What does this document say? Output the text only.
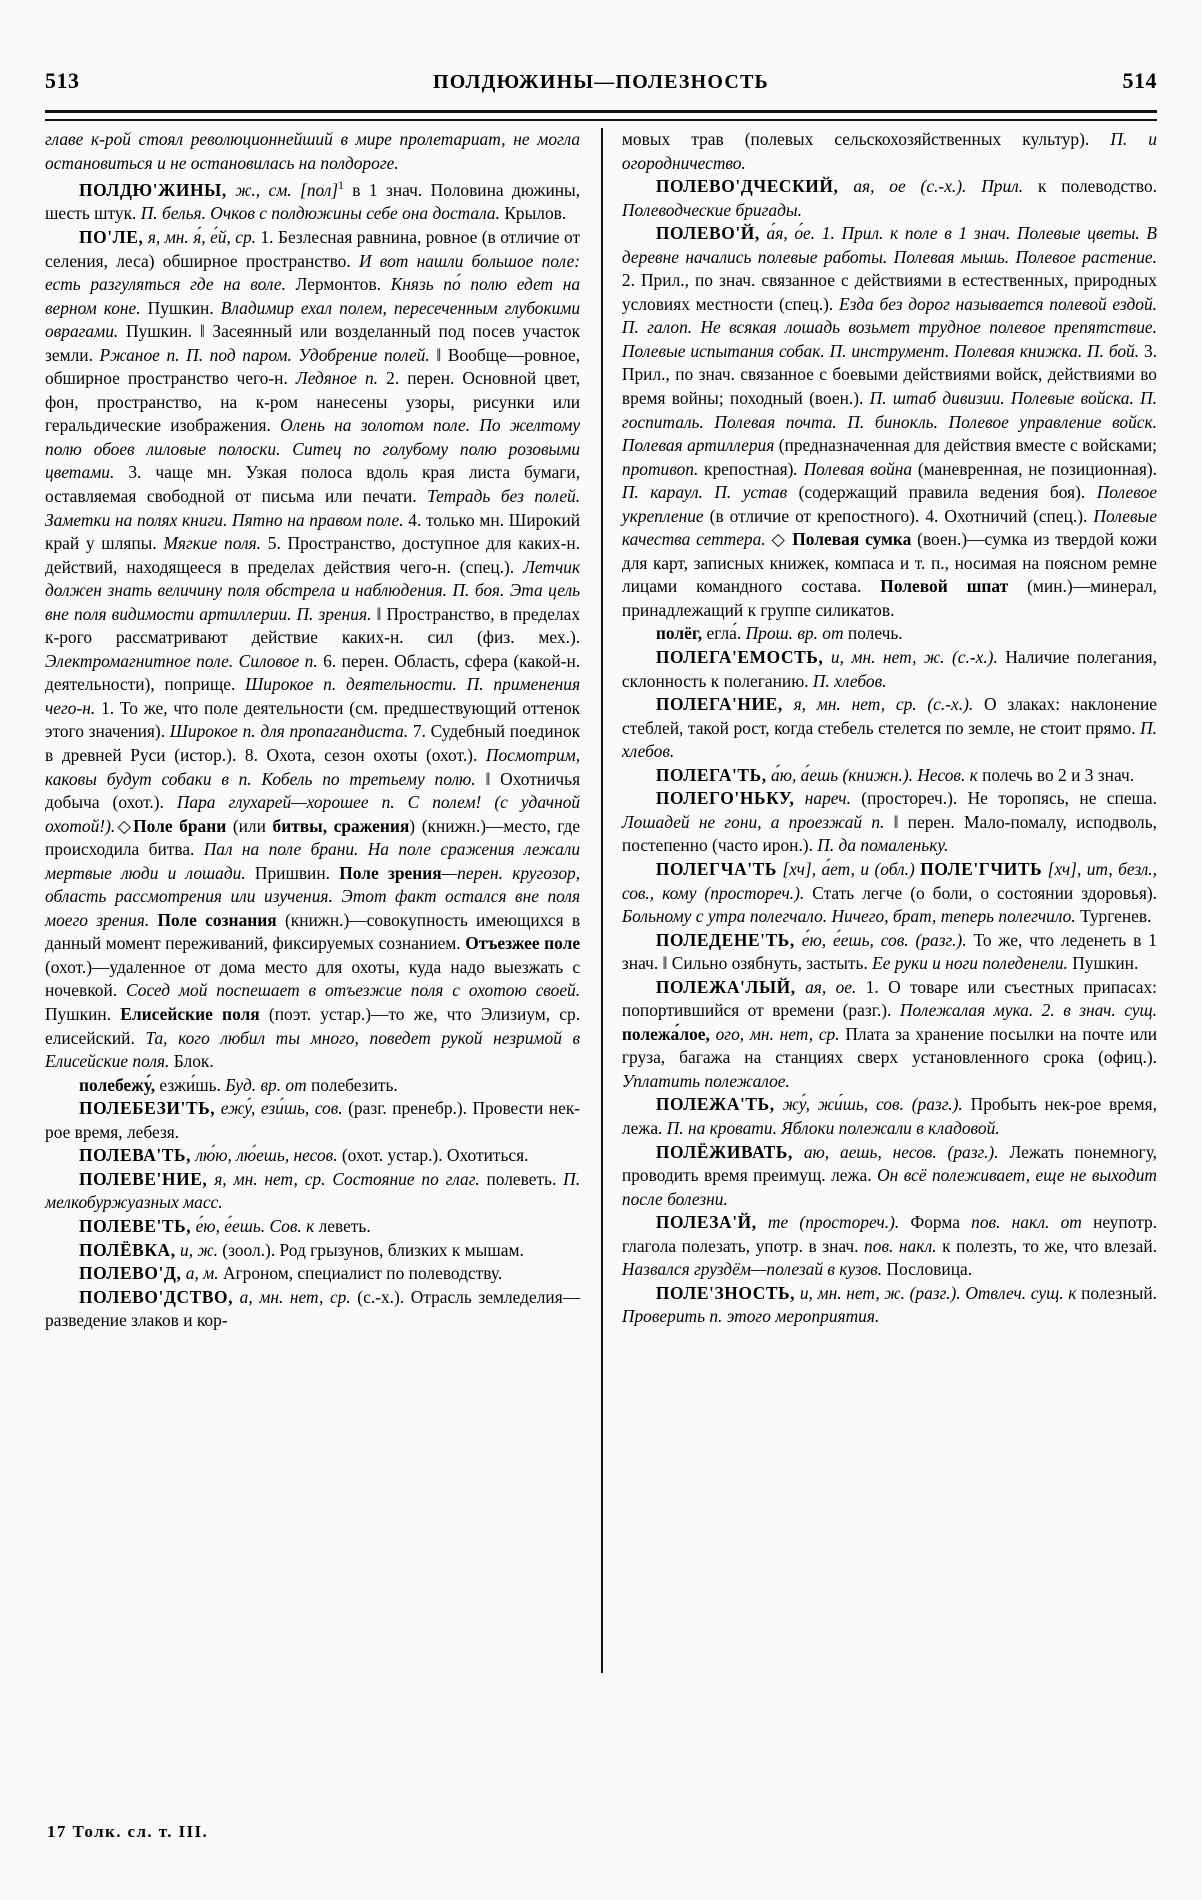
513	ПОЛДЮЖИНЫ—ПОЛЕЗНОСТЬ	514

главе к-рой стоял революционнейший в мире пролетариат, не могла остановиться и не остановилась на полдороге.

ПОЛДЮ'ЖИНЫ, ж., см. [пол]$^1$ в 1 знач. Половина дюжины, шесть штук. П. белья. Очков с полдюжины себе она достала. Крылов.

ПО'ЛЕ, я, мн. я́, е́й, ср. 1. Безлесная равнина, ровное (в отличие от селения, леса) обширное пространство. И вот нашли большое поле: есть разгуляться где на воле. Лермонтов. Князь по́ полю едет на верном коне. Пушкин. Владимир ехал полем, пересеченным глубокими оврагами. Пушкин. ‖ Засеянный или возделанный под посев участок земли. Ржаное п. П. под паром. Удобрение полей. ‖ Вообще—ровное, обширное пространство чего-н. Ледяное п. 2. перен. Основной цвет, фон, пространство, на к-ром нанесены узоры, рисунки или геральдические изображения. Олень на золотом поле. По желтому полю обоев лиловые полоски. Ситец по голубому полю розовыми цветами. 3. чаще мн. Узкая полоса вдоль края листа бумаги, оставляемая свободной от письма или печати. Тетрадь без полей. Заметки на полях книги. Пятно на правом поле. 4. только мн. Широкий край у шляпы. Мягкие поля. 5. Пространство, доступное для каких-н. действий, находящееся в пределах действия чего-н. (спец.). Летчик должен знать величину поля обстрела и наблюдения. П. боя. Эта цель вне поля видимости артиллерии. П. зрения. ‖ Пространство, в пределах к-рого рассматривают действие каких-н. сил (физ. мех.). Электромагнитное поле. Силовое п. 6. перен. Область, сфера (какой-н. деятельности), поприще. Широкое п. деятельности. П. применения чего-н. 1. То же, что поле деятельности (см. предшествующий оттенок этого значения). Широкое п. для пропагандиста. 7. Судебный поединок в древней Руси (истор.). 8. Охота, сезон охоты (охот.). Посмотрим, каковы будут собаки в п. Кобель по третьему полю. ‖ Охотничья добыча (охот.). Пара глухарей—хорошее п. С полем! (с удачной охотой!).◇Поле брани (или битвы, сражения) (книжн.)—место, где происходила битва. Пал на поле брани. На поле сражения лежали мертвые люди и лошади. Пришвин. Поле зрения—перен. кругозор, область рассмотрения или изучения. Этот факт остался вне поля моего зрения. Поле сознания (книжн.)—совокупность имеющихся в данный момент переживаний, фиксируемых сознанием. Отъезжее поле (охот.)—удаленное от дома место для охоты, куда надо выезжать с ночевкой. Сосед мой поспешает в отъезжие поля с охотою своей. Пушкин. Елисейские поля (поэт. устар.)—то же, что Элизиум, ср. елисейский. Та, кого любил ты много, поведет рукой незримой в Елисейские поля. Блок.

полебежу́, езжи́шь. Буд. вр. от полебезить.

ПОЛЕБЕЗИ'ТЬ, ежу́, ези́шь, сов. (разг. пренебр.). Провести нек-рое время, лебезя.

ПОЛЕВА'ТЬ, лю́ю, лю́ешь, несов. (охот. устар.). Охотиться.

ПОЛЕВЕ'НИЕ, я, мн. нет, ср. Состояние по глаг. полеветь. П. мелкобуржуазных масс.

ПОЛЕВЕ'ТЬ, е́ю, е́ешь. Сов. к леветь.

ПОЛЁВКА, и, ж. (зоол.). Род грызунов, близких к мышам.

ПОЛЕВО'Д, а, м. Агроном, специалист по полеводству.

ПОЛЕВО'ДСТВО, а, мн. нет, ср. (с.-х.). Отрасль земледелия—разведение злаков и кор-

мовых трав (полевых сельскохозяйственных культур). П. и огородничество.

ПОЛЕВО'ДЧЕСКИЙ, ая, ое (с.-х.). Прил. к полеводство. Полеводческие бригады.

ПОЛЕВО'Й, а́я, о́е. 1. Прил. к поле в 1 знач. Полевые цветы. В деревне начались полевые работы. Полевая мышь. Полевое растение. 2. Прил., по знач. связанное с действиями в естественных, природных условиях местности (спец.). Езда без дорог называется полевой ездой. П. галоп. Не всякая лошадь возьмет трудное полевое препятствие. Полевые испытания собак. П. инструмент. Полевая книжка. П. бой. 3. Прил., по знач. связанное с боевыми действиями войск, действиями во время войны; походный (воен.). П. штаб дивизии. Полевые войска. П. госпиталь. Полевая почта. П. бинокль. Полевое управление войск. Полевая артиллерия (предназначенная для действия вместе с войсками; противоп. крепостная). Полевая война (маневренная, не позиционная). П. караул. П. устав (содержащий правила ведения боя). Полевое укрепление (в отличие от крепостного). 4. Охотничий (спец.). Полевые качества сеттера. ◇ Полевая сумка (воен.)—сумка из твердой кожи для карт, записных книжек, компаса и т. п., носимая на поясном ремне лицами командного состава. Полевой шпат (мин.)—минерал, принадлежащий к группе силикатов.

полёг, егла́. Прош. вр. от полечь.

ПОЛЕГА'ЕМОСТЬ, и, мн. нет, ж. (с.-х.). Наличие полегания, склонность к полеганию. П. хлебов.

ПОЛЕГА'НИЕ, я, мн. нет, ср. (с.-х.). О злаках: наклонение стеблей, такой рост, когда стебель стелется по земле, не стоит прямо. П. хлебов.

ПОЛЕГА'ТЬ, а́ю, а́ешь (книжн.). Несов. к полечь во 2 и 3 знач.

ПОЛЕГО'НЬКУ, нареч. (простореч.). Не торопясь, не спеша. Лошадей не гони, а проезжай п. ‖ перен. Мало-помалу, исподволь, постепенно (часто ирон.). П. да помаленьку.

ПОЛЕГЧА'ТЬ [хч], а́ет, и (обл.) ПОЛЕ'ГЧИТЬ [хч], ит, безл., сов., кому (простореч.). Стать легче (о боли, о состоянии здоровья). Больному с утра полегчало. Ничего, брат, теперь полегчило. Тургенев.

ПОЛЕДЕНЕ'ТЬ, е́ю, е́ешь, сов. (разг.). То же, что леденеть в 1 знач. ‖ Сильно озябнуть, застыть. Ее руки и ноги поледенели. Пушкин.

ПОЛЕЖА'ЛЫЙ, ая, ое. 1. О товаре или съестных припасах: попортившийся от времени (разг.). Полежалая мука. 2. в знач. сущ. полежа́лое, ого, мн. нет, ср. Плата за хранение посылки на почте или груза, багажа на станциях сверх установленного срока (офиц.). Уплатить полежалое.

ПОЛЕЖА'ТЬ, жу́, жи́шь, сов. (разг.). Пробыть нек-рое время, лежа. П. на кровати. Яблоки полежали в кладовой.

ПОЛЁЖИВАТЬ, аю, аешь, несов. (разг.). Лежать понемногу, проводить время преимущ. лежа. Он всё полеживает, еще не выходит после болезни.

ПОЛЕЗА'Й, те (простореч.). Форма пов. накл. от неупотр. глагола полезать, употр. в знач. пов. накл. к полезть, то же, что влезай. Назвался груздём—полезай в кузов. Пословица.

ПОЛЕ'ЗНОСТЬ, и, мн. нет, ж. (разг.). Отвлеч. сущ. к полезный. Проверить п. этого мероприятия.

17 Толк. сл. т. III.
